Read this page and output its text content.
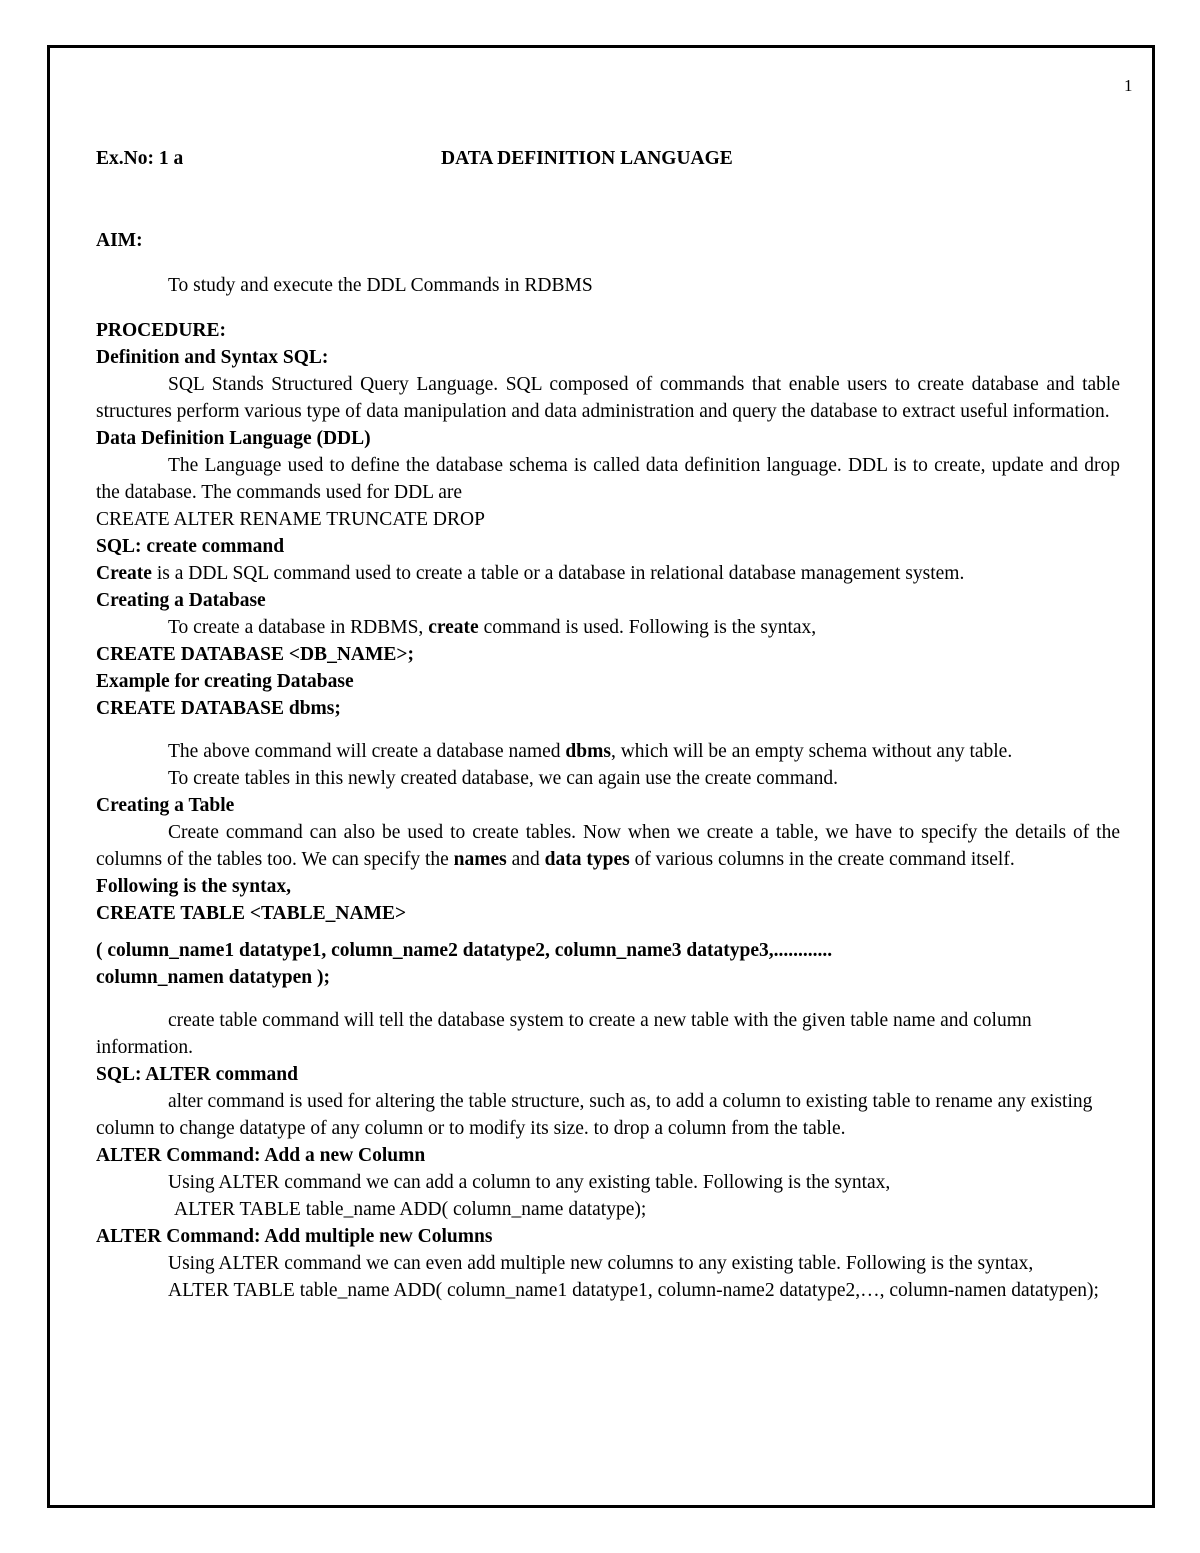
1
Ex.No: 1 a	DATA DEFINITION LANGUAGE
AIM:
To study and execute the DDL Commands in RDBMS
PROCEDURE:
Definition and Syntax SQL:
SQL Stands Structured Query Language. SQL composed of commands that enable users to create database and table structures perform various type of data manipulation and data administration and query the database to extract useful information.
Data Definition Language (DDL)
The Language used to define the database schema is called data definition language. DDL is to create, update and drop the database. The commands used for DDL are
CREATE ALTER RENAME TRUNCATE DROP
SQL: create command
Create is a DDL SQL command used to create a table or a database in relational database management system.
Creating a Database
To create a database in RDBMS, create command is used. Following is the syntax,
CREATE DATABASE <DB_NAME>;
Example for creating Database
CREATE DATABASE dbms;
The above command will create a database named dbms, which will be an empty schema without any table.
To create tables in this newly created database, we can again use the create command.
Creating a Table
Create command can also be used to create tables. Now when we create a table, we have to specify the details of the columns of the tables too. We can specify the names and data types of various columns in the create command itself.
Following is the syntax,
CREATE TABLE <TABLE_NAME>
( column_name1 datatype1, column_name2 datatype2, column_name3 datatype3,............
column_namen datatypen );
create table command will tell the database system to create a new table with the given table name and column information.
SQL: ALTER command
alter command is used for altering the table structure, such as, to add a column to existing table to rename any existing column to change datatype of any column or to modify its size. to drop a column from the table.
ALTER Command: Add a new Column
Using ALTER command we can add a column to any existing table. Following is the syntax,
ALTER TABLE table_name ADD( column_name datatype);
ALTER Command: Add multiple new Columns
Using ALTER command we can even add multiple new columns to any existing table. Following is the syntax,
ALTER TABLE table_name ADD( column_name1 datatype1, column-name2 datatype2,…, column-namen datatypen);
